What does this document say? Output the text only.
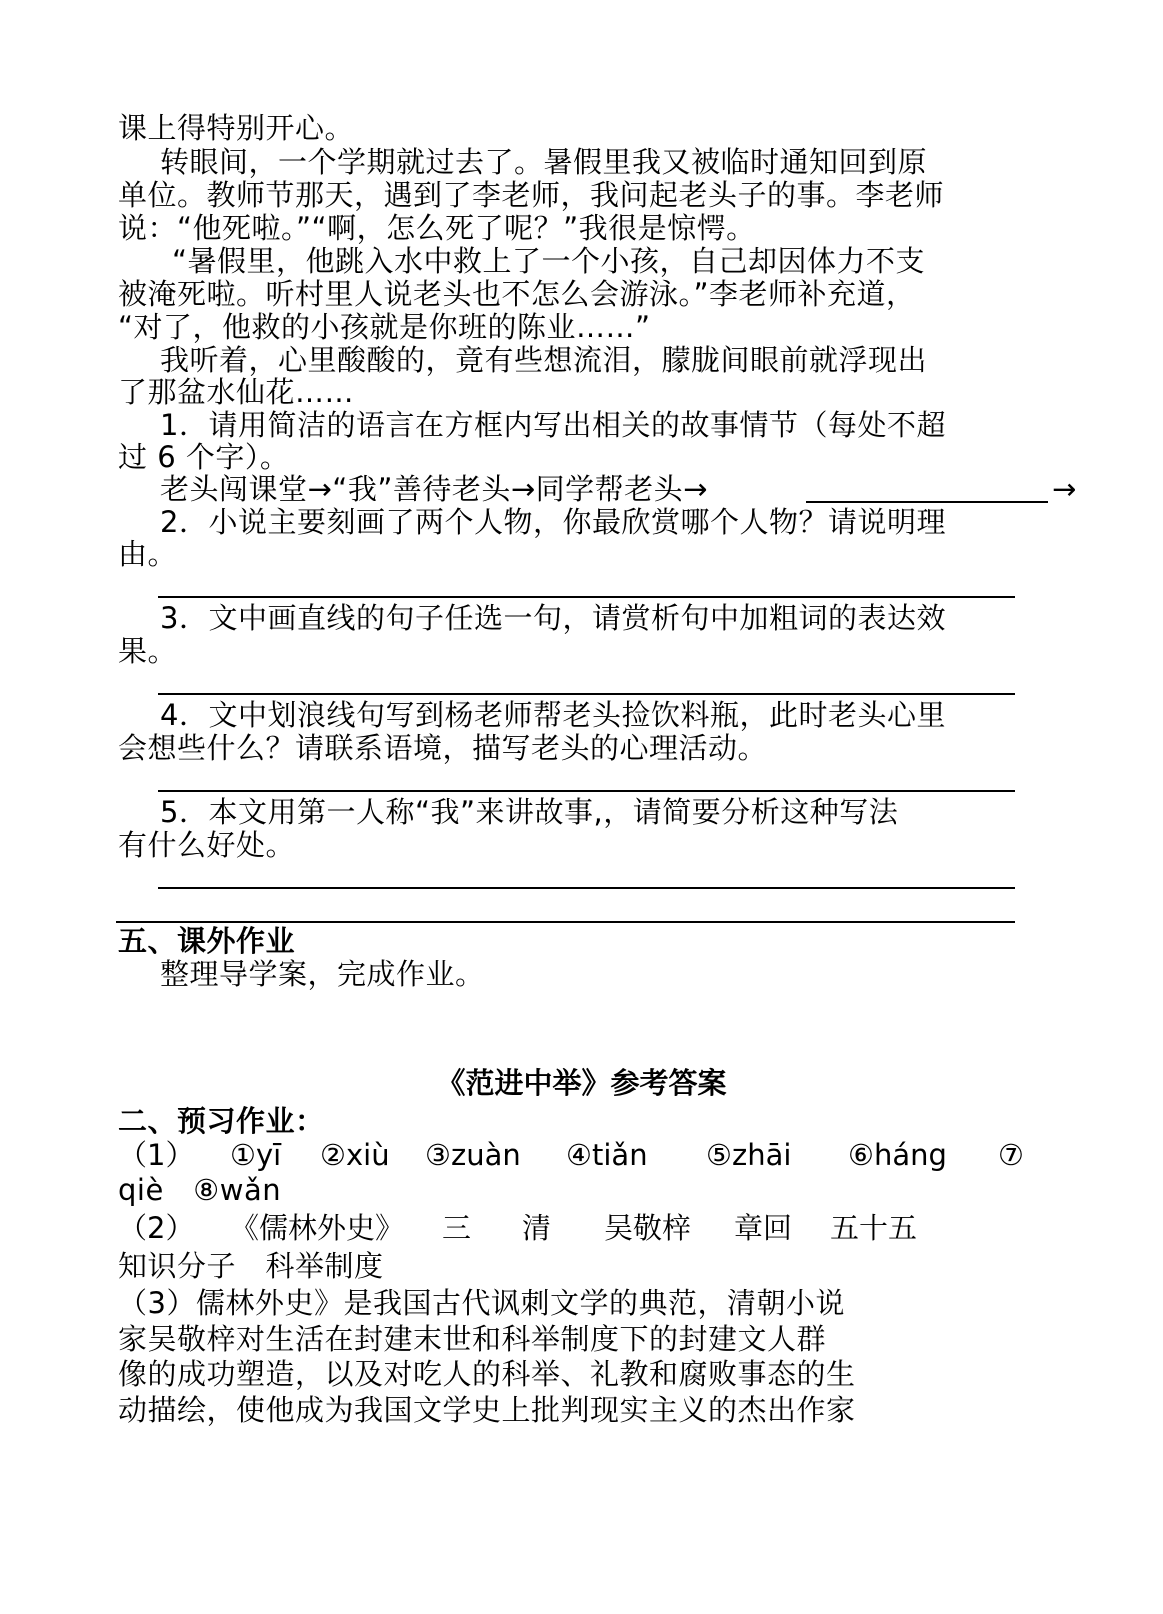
课上得特别开心。
转眼间，一个学期就过去了。暑假里我又被临时通知回到原
单位。教师节那天，遇到了李老师，我问起老头子的事。李老师
说：“他死啦。”“啊，怎么死了呢？”我很是惊愕。
“暑假里，他跳入水中救上了一个小孩，自己却因体力不支
被淹死啦。听村里人说老头也不怎么会游泳。”李老师补充道，
“对了，他救的小孩就是你班的陈业……”
我听着，心里酸酸的，竟有些想流泪，朦胧间眼前就浮现出
了那盆水仙花……
1．请用简洁的语言在方框内写出相关的故事情节（每处不超
过 6 个字）。
老头闯课堂→“我”善待老头→同学帮老头→	→
2．小说主要刻画了两个人物，你最欣赏哪个人物？请说明理
由。
3．文中画直线的句子任选一句，请赏析句中加粗词的表达效
果。
4．文中划浪线句写到杨老师帮老头捡饮料瓶，此时老头心里
会想些什么？请联系语境，描写老头的心理活动。
5．本文用第一人称“我”来讲故事,，请简要分析这种写法
有什么好处。
五、课外作业
整理导学案，完成作业。
《范进中举》参考答案
二、预习作业：
（1） ①yī ②xiù ③zuàn ④tiǎn ⑤zhāi ⑥háng ⑦
qiè　⑧wǎn
（2） 《儒林外史》 三 清 吴敬梓 章回 五十五
知识分子　科举制度
（3）儒林外史》是我国古代讽刺文学的典范，清朝小说
家吴敬梓对生活在封建末世和科举制度下的封建文人群
像的成功塑造，以及对吃人的科举、礼教和腐败事态的生
动描绘，使他成为我国文学史上批判现实主义的杰出作家
